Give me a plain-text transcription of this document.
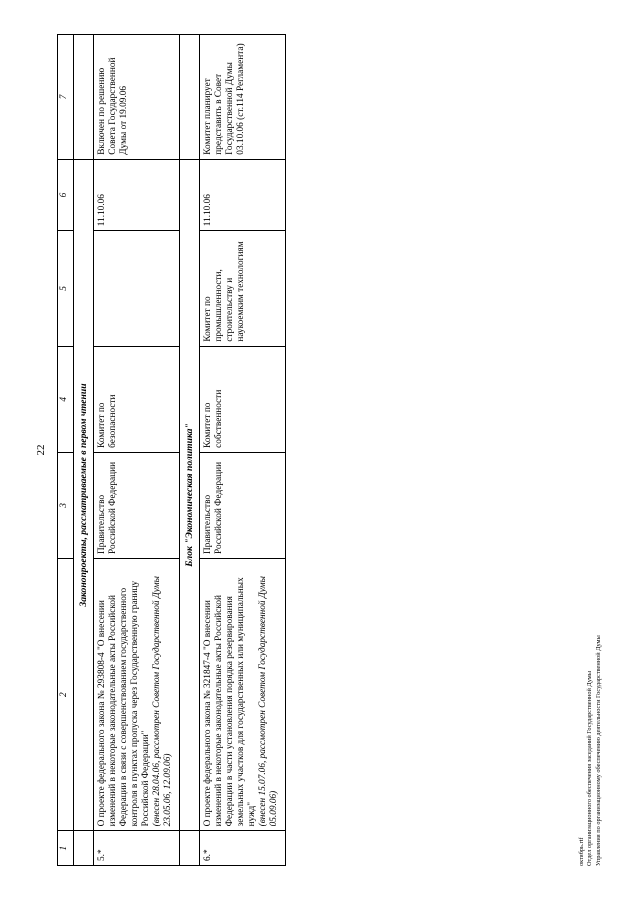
22
1	2	3	4	5	6	7
	Законопроекты, рассматриваемые в первом чтении					
5.*	О проекте федерального закона № 293808-4 "О внесении изменений в некоторые законодательные акты Российской Федерации в связи с совершенствованием государственного контроля в пунктах пропуска через Государственную границу Российской Федерации" (внесен 28.04.06, рассмотрен Советом Государственной Думы 23.05.06, 12.09.06)	Правительство Российской Федерации	Комитет по безопасности		11.10.06	Включен по решению Совета Государственной Думы от 19.09.06
	Блок "Экономическая политика"					
6.*	О проекте федерального закона № 321847-4 "О внесении изменений в некоторые законодательные акты Российской Федерации в части установления порядка резервирования земельных участков для государственных или муниципальных нужд" (внесен 15.07.06, рассмотрен Советом Государственной Думы 05.09.06)	Правительство Российской Федерации	Комитет по собственности	Комитет по промышленности, строительству и наукоемким технологиям	11.10.06	Комитет планирует представить в Совет Государственной Думы 03.10.06 (ст.114 Регламента)
октябрь.rtf Отдел организационного обеспечения заседаний Государственной Думы Управления по организационному обеспечению деятельности Государственной Думы
